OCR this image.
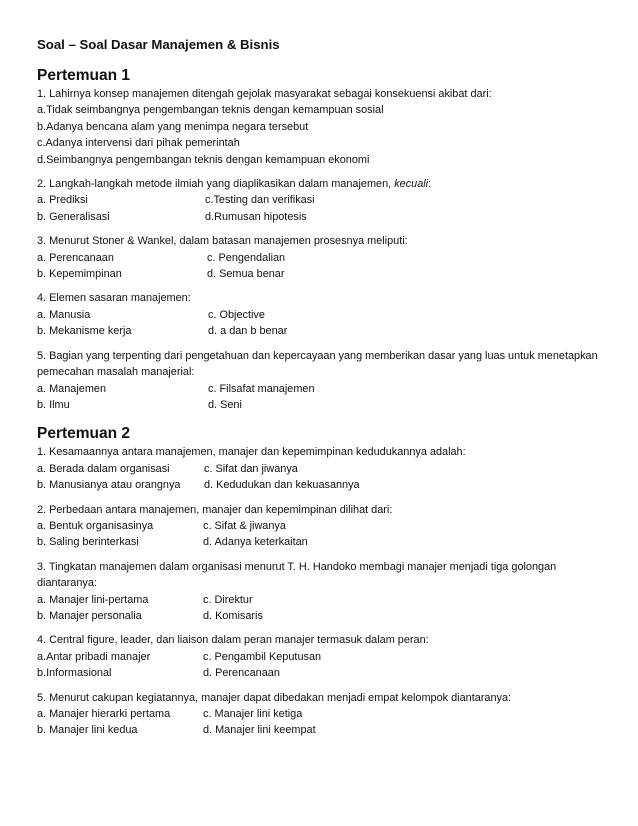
Soal – Soal Dasar Manajemen & Bisnis
Pertemuan 1
1. Lahirnya konsep manajemen ditengah gejolak masyarakat sebagai konsekuensi akibat dari:
a.Tidak seimbangnya pengembangan teknis dengan kemampuan sosial
b.Adanya bencana alam yang menimpa negara tersebut
c.Adanya intervensi dari pihak pemerintah
d.Seimbangnya pengembangan teknis dengan kemampuan ekonomi
2. Langkah-langkah metode ilmiah yang diaplikasikan dalam manajemen, kecuali:
a. Prediksi	c.Testing dan verifikasi
b. Generalisasi	d.Rumusan hipotesis
3. Menurut Stoner & Wankel, dalam batasan manajemen prosesnya meliputi:
a. Perencanaan	c. Pengendalian
b. Kepemimpinan	d. Semua benar
4. Elemen sasaran manajemen:
a. Manusia	c. Objective
b. Mekanisme kerja	d. a dan b benar
5. Bagian yang terpenting dari pengetahuan dan kepercayaan yang memberikan dasar yang luas untuk menetapkan pemecahan masalah manajerial:
a. Manajemen	c. Filsafat manajemen
b. Ilmu	d. Seni
Pertemuan 2
1. Kesamaannya antara manajemen, manajer dan kepemimpinan kedudukannya adalah:
a. Berada dalam organisasi	c. Sifat dan jiwanya
b. Manusianya atau orangnya	d. Kedudukan dan kekuasannya
2. Perbedaan antara manajemen, manajer dan kepemimpinan dilihat dari:
a. Bentuk organisasinya	c. Sifat & jiwanya
b. Saling berinterkasi	d. Adanya keterkaitan
3. Tingkatan manajemen dalam organisasi menurut T. H. Handoko membagi manajer menjadi tiga golongan diantaranya:
a. Manajer lini-pertama	c. Direktur
b. Manajer personalia	d. Komisaris
4. Central figure, leader, dan liaison dalam peran manajer termasuk dalam peran:
a.Antar pribadi manajer	c. Pengambil Keputusan
b.Informasional	d. Perencanaan
5. Menurut cakupan kegiatannya, manajer dapat dibedakan menjadi empat kelompok diantaranya:
a. Manajer hierarki pertama	c. Manajer lini ketiga
b. Manajer lini kedua	d. Manajer lini keempat
